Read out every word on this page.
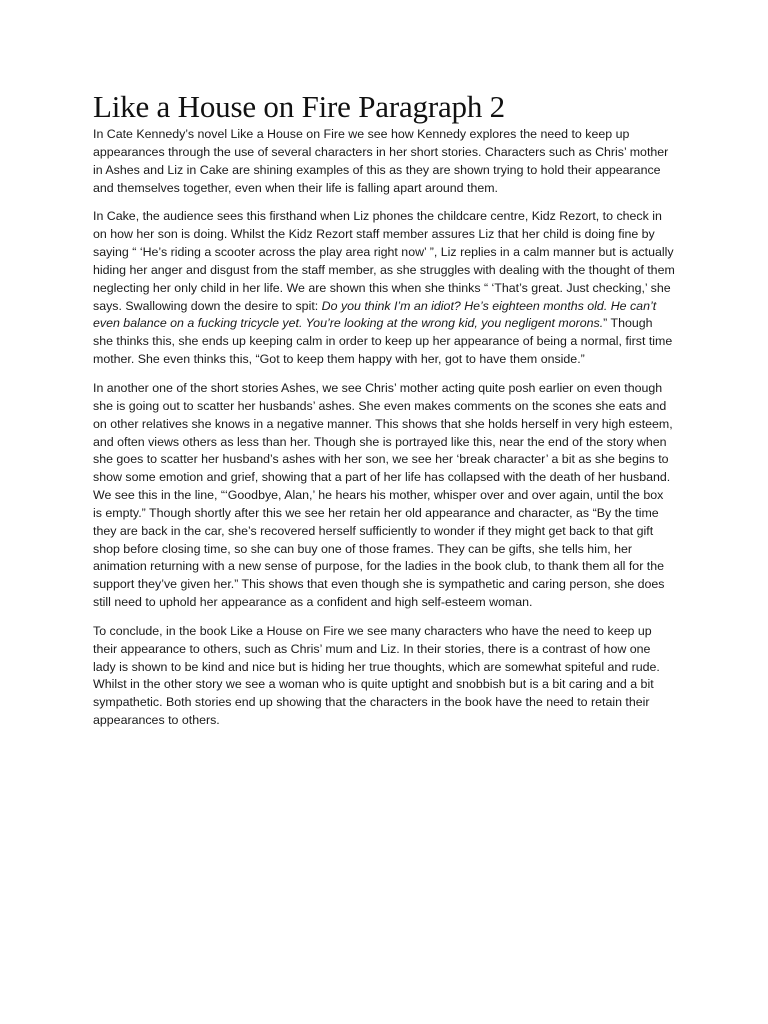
Like a House on Fire Paragraph 2

In Cate Kennedy’s novel Like a House on Fire we see how Kennedy explores the need to keep up appearances through the use of several characters in her short stories. Characters such as Chris’ mother in Ashes and Liz in Cake are shining examples of this as they are shown trying to hold their appearance and themselves together, even when their life is falling apart around them.

In Cake, the audience sees this firsthand when Liz phones the childcare centre, Kidz Rezort, to check in on how her son is doing. Whilst the Kidz Rezort staff member assures Liz that her child is doing fine by saying “ ‘He’s riding a scooter across the play area right now’ ”, Liz replies in a calm manner but is actually hiding her anger and disgust from the staff member, as she struggles with dealing with the thought of them neglecting her only child in her life. We are shown this when she thinks “ ‘That’s great. Just checking,’ she says. Swallowing down the desire to spit: Do you think I’m an idiot? He’s eighteen months old. He can’t even balance on a fucking tricycle yet. You’re looking at the wrong kid, you negligent morons.” Though she thinks this, she ends up keeping calm in order to keep up her appearance of being a normal, first time mother. She even thinks this, “Got to keep them happy with her, got to have them onside.”

In another one of the short stories Ashes, we see Chris’ mother acting quite posh earlier on even though she is going out to scatter her husbands’ ashes. She even makes comments on the scones she eats and on other relatives she knows in a negative manner. This shows that she holds herself in very high esteem, and often views others as less than her. Though she is portrayed like this, near the end of the story when she goes to scatter her husband’s ashes with her son, we see her ‘break character’ a bit as she begins to show some emotion and grief, showing that a part of her life has collapsed with the death of her husband. We see this in the line, “‘Goodbye, Alan,’ he hears his mother, whisper over and over again, until the box is empty.” Though shortly after this we see her retain her old appearance and character, as “By the time they are back in the car, she’s recovered herself sufficiently to wonder if they might get back to that gift shop before closing time, so she can buy one of those frames. They can be gifts, she tells him, her animation returning with a new sense of purpose, for the ladies in the book club, to thank them all for the support they’ve given her.” This shows that even though she is sympathetic and caring person, she does still need to uphold her appearance as a confident and high self-esteem woman.

To conclude, in the book Like a House on Fire we see many characters who have the need to keep up their appearance to others, such as Chris’ mum and Liz. In their stories, there is a contrast of how one lady is shown to be kind and nice but is hiding her true thoughts, which are somewhat spiteful and rude. Whilst in the other story we see a woman who is quite uptight and snobbish but is a bit caring and a bit sympathetic. Both stories end up showing that the characters in the book have the need to retain their appearances to others.
